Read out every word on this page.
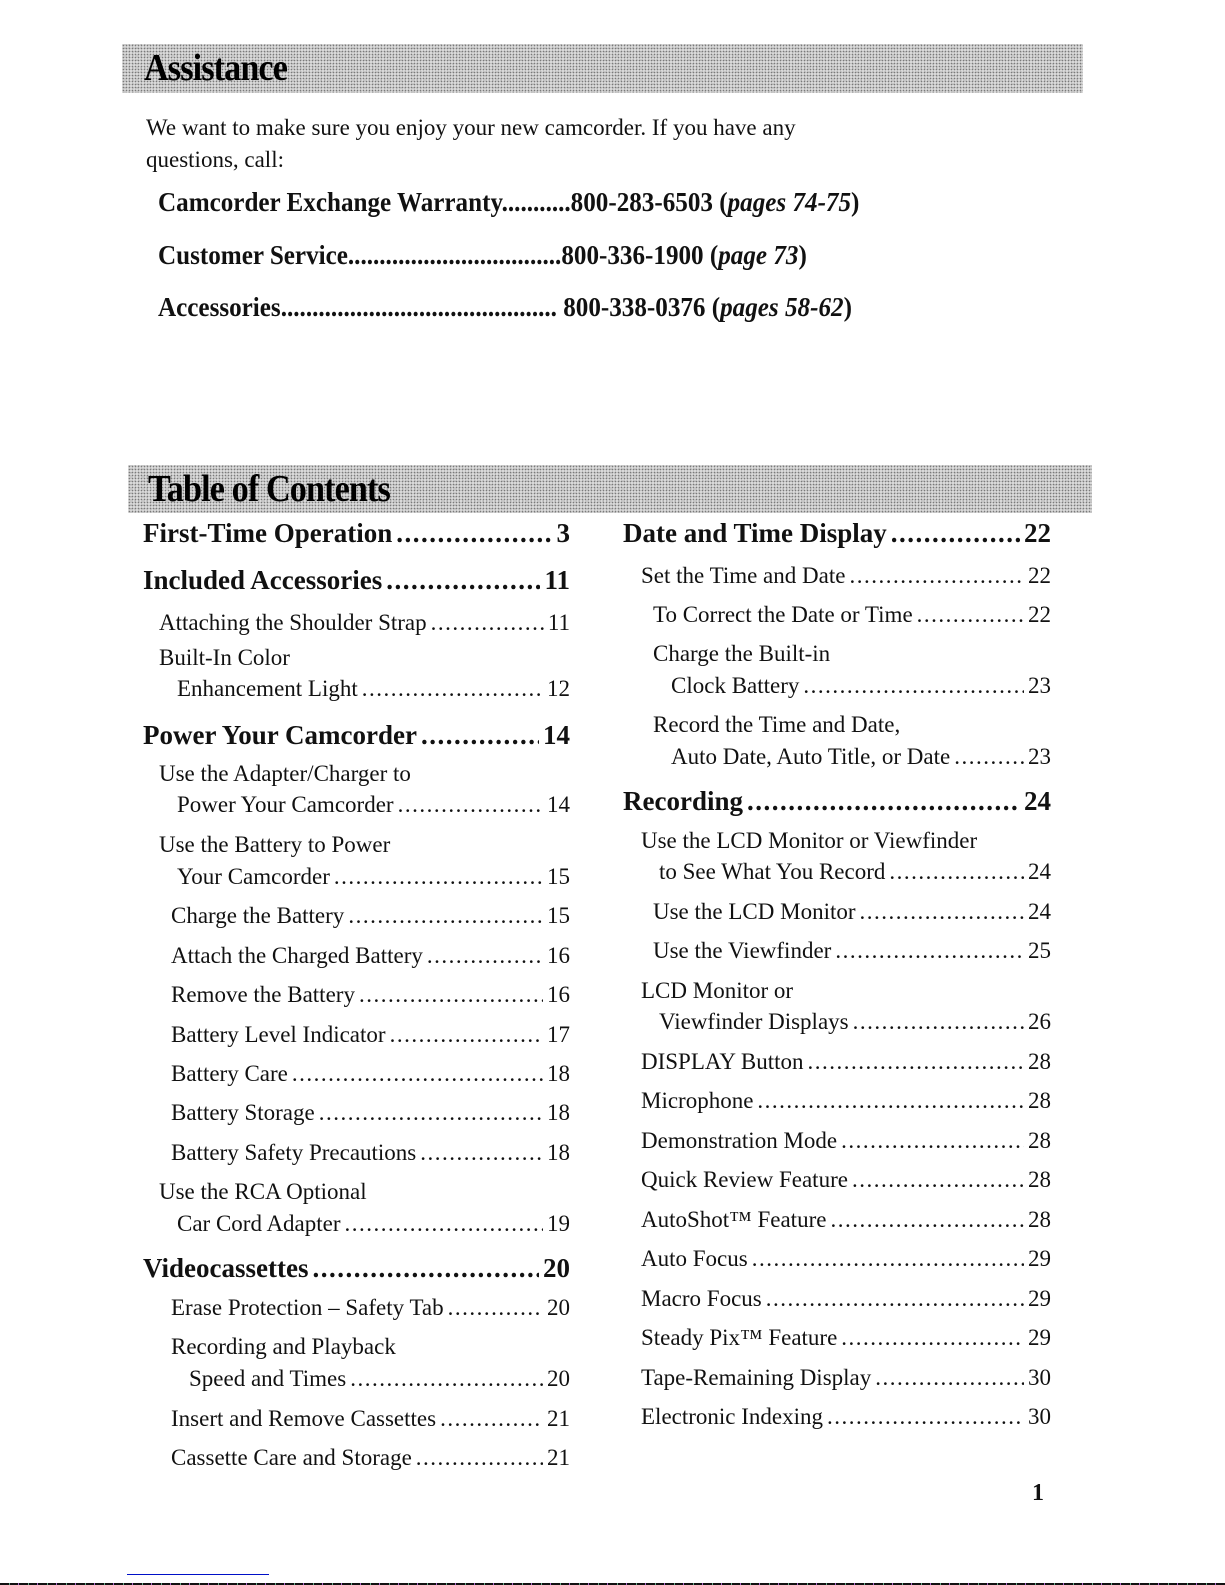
Assistance
We want to make sure you enjoy your new camcorder. If you have any
questions, call:
Camcorder Exchange Warranty...........800-283-6503 (pages 74-75)
Customer Service..................................800-336-1900 (page 73)
Accessories............................................ 800-338-0376 (pages 58-62)
Table of Contents
First-Time Operation .....	3
Included Accessories .....	11
Attaching the Shoulder Strap .....	11
Built-In Color
Enhancement Light .....	12
Power Your Camcorder .....	14
Use the Adapter/Charger to
Power Your Camcorder .....	14
Use the Battery to Power
Your Camcorder .....	15
Charge the Battery .....	15
Attach the Charged Battery .....	16
Remove the Battery .....	16
Battery Level Indicator .....	17
Battery Care .....	18
Battery Storage .....	18
Battery Safety Precautions .....	18
Use the RCA Optional
Car Cord Adapter .....	19
Videocassettes .....	20
Erase Protection – Safety Tab .....	20
Recording and Playback
Speed and Times .....	20
Insert and Remove Cassettes .....	21
Cassette Care and Storage .....	21
Date and Time Display .....	22
Set the Time and Date .....	22
To Correct the Date or Time .....	22
Charge the Built-in
Clock Battery .....	23
Record the Time and Date,
Auto Date, Auto Title, or Date .....	23
Recording .....	24
Use the LCD Monitor or Viewfinder
to See What You Record .....	24
Use the LCD Monitor .....	24
Use the Viewfinder .....	25
LCD Monitor or
Viewfinder Displays .....	26
DISPLAY Button .....	28
Microphone .....	28
Demonstration Mode .....	28
Quick Review Feature .....	28
AutoShot™ Feature .....	28
Auto Focus .....	29
Macro Focus .....	29
Steady Pix™ Feature .....	29
Tape-Remaining Display .....	30
Electronic Indexing .....	30
1
